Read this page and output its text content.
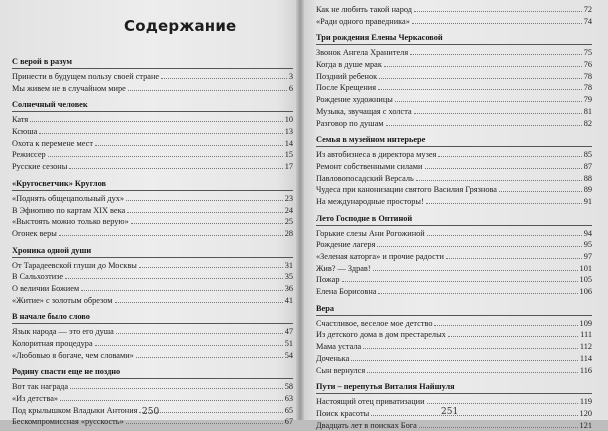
Содержание
С верой в разум
Принести в будущем пользу своей стране	3
Мы живем не в случайном мире	6
Солнечный человек
Катя	10
Ксюша	13
Охота к перемене мест	14
Режиссер	15
Русские сезоны	17
«Кругосветчик» Круглов
«Поднять общецапольный дух»	23
В Эфиопию по картам XIX века	24
«Выстоять можно только верую»	25
Огонек веры	28
Хроника одной души
От Тарадеевской глуши до Москвы	31
В Сальхозтизе	35
О величии Божием	36
«Житие» с золотым обрезом	41
В начале было слово
Язык народа — это его душа	47
Колоритная процедура	51
«Любовью я богаче, чем словами»	54
Родину спасти еще не поздно
Вот так награда	58
«Из детства»	63
Под крылышком Владыки Антония	65
Бескомпромиссная «русскость»	67
250
Как не любить такой народ	72
«Ради одного праведника»	74
Три рождения Елены Черкасовой
Звонок Ангела Хранителя	75
Когда в душе мрак	76
Поздний ребенок	78
После Крещения	78
Рождение художницы	79
Музыка, звучащая с холста	81
Разговор по душам	82
Семья в музейном интерьере
Из автобизнеса в директора музея	85
Ремонт собственными силами	87
Павловопосадский Версаль	88
Чудеса при канонизации святого Василия Грязнова	89
На международные просторы!	91
Лето Господне в Оптиной
Горькие слезы Ани Рогожиной	94
Рождение лагеря	95
«Зеленая каторга» и прочие радости	97
Жив? — Здрав!	101
Пожар	105
Елена Борисовна	106
Вера
Счастливое, веселое мое детство	109
Из детского дома в дом престарелых	111
Мама устала	112
Доченька	114
Сын вернулся	116
Пути – перепутья Виталия Найшуля
Настоящий отец приватизации	119
Поиск красоты	120
Двадцать лет в поисках Бога	121
251
